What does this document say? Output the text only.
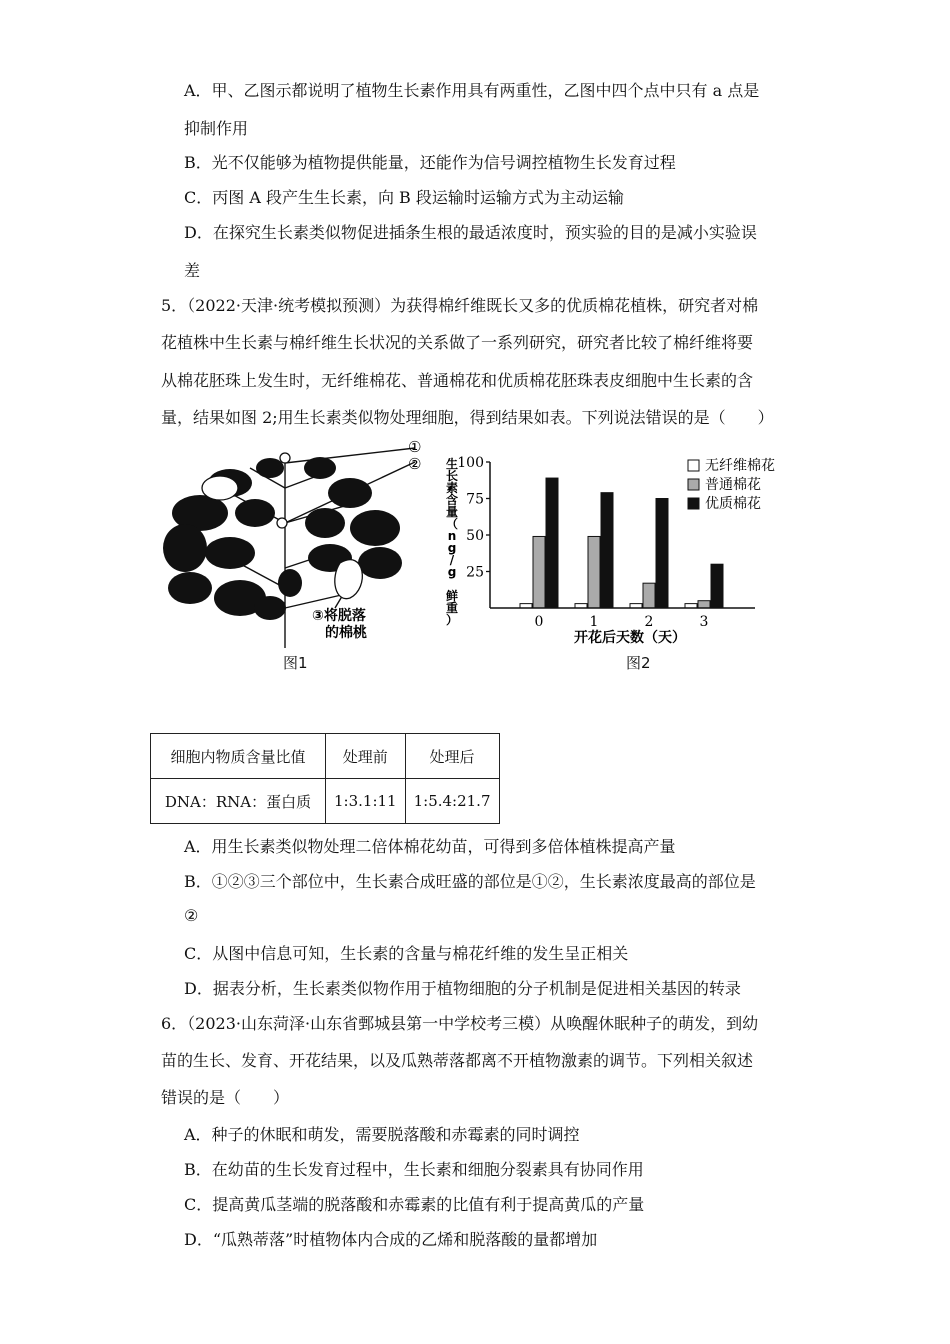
A．甲、乙图示都说明了植物生长素作用具有两重性，乙图中四个点中只有 a 点是
抑制作用
B．光不仅能够为植物提供能量，还能作为信号调控植物生长发育过程
C．丙图 A 段产生生长素，向 B 段运输时运输方式为主动运输
D．在探究生长素类似物促进插条生根的最适浓度时，预实验的目的是减小实验误
差
5．（2022·天津·统考模拟预测）为获得棉纤维既长又多的优质棉花植株，研究者对棉
花植株中生长素与棉纤维生长状况的关系做了一系列研究，研究者比较了棉纤维将要
从棉花胚珠上发生时，无纤维棉花、普通棉花和优质棉花胚珠表皮细胞中生长素的含
量，结果如图 2;用生长素类似物处理细胞，得到结果如表。下列说法错误的是（　　）
①
②
③将脱落
的棉桃
图1
生
长
素
含
量
（
n
g
/
g
鲜
重
）
25
50
75
100
0	1	2	3
开花后天数（天）
无纤维棉花
普通棉花
优质棉花
图2
细胞内物质含量比值	处理前	处理后
DNA：RNA：蛋白质	1:3.1:11	1:5.4:21.7
A．用生长素类似物处理二倍体棉花幼苗，可得到多倍体植株提高产量
B．①②③三个部位中，生长素合成旺盛的部位是①②，生长素浓度最高的部位是
②
C．从图中信息可知，生长素的含量与棉花纤维的发生呈正相关
D．据表分析，生长素类似物作用于植物细胞的分子机制是促进相关基因的转录
6．（2023·山东菏泽·山东省鄄城县第一中学校考三模）从唤醒休眠种子的萌发，到幼
苗的生长、发育、开花结果，以及瓜熟蒂落都离不开植物激素的调节。下列相关叙述
错误的是（　　）
A．种子的休眠和萌发，需要脱落酸和赤霉素的同时调控
B．在幼苗的生长发育过程中，生长素和细胞分裂素具有协同作用
C．提高黄瓜茎端的脱落酸和赤霉素的比值有利于提高黄瓜的产量
D．“瓜熟蒂落”时植物体内合成的乙烯和脱落酸的量都增加
